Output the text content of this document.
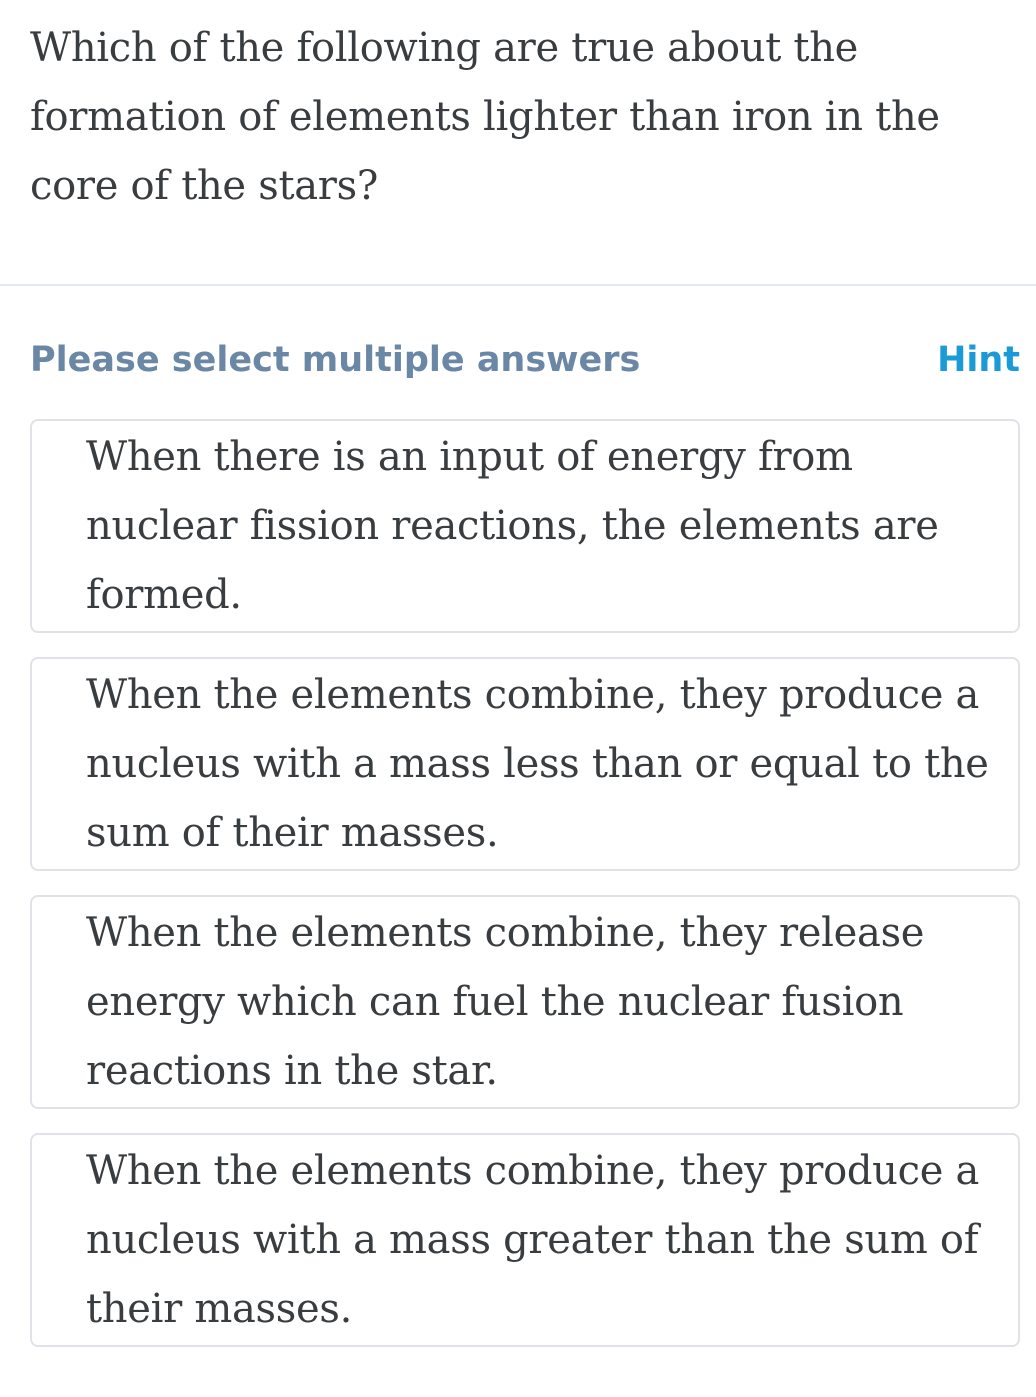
Which of the following are true about the formation of elements lighter than iron in the core of the stars?
Please select multiple answers	Hint
When there is an input of energy from nuclear fission reactions, the elements are formed.
When the elements combine, they produce a nucleus with a mass less than or equal to the sum of their masses.
When the elements combine, they release energy which can fuel the nuclear fusion reactions in the star.
When the elements combine, they produce a nucleus with a mass greater than the sum of their masses.
